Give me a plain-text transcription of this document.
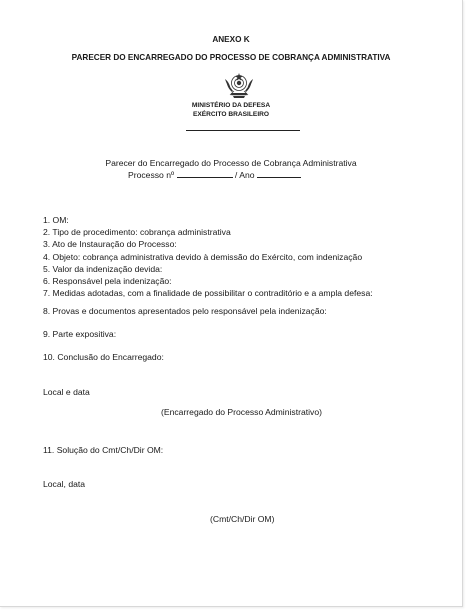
ANEXO K
PARECER DO ENCARREGADO DO PROCESSO DE COBRANÇA ADMINISTRATIVA
MINISTÉRIO DA DEFESA
EXÉRCITO BRASILEIRO
Parecer do Encarregado do Processo de Cobrança Administrativa
Processo nº	/ Ano
1. OM:
2. Tipo de procedimento: cobrança administrativa
3. Ato de Instauração do Processo:
4. Objeto: cobrança administrativa devido à demissão do Exército, com indenização
5. Valor da indenização devida:
6. Responsável pela indenização:
7. Medidas adotadas, com a finalidade de possibilitar o contraditório e a ampla defesa:
8. Provas e documentos apresentados pelo responsável pela indenização:
9. Parte expositiva:
10. Conclusão do Encarregado:
Local e data
(Encarregado do Processo Administrativo)
11. Solução do Cmt/Ch/Dir OM:
Local, data
(Cmt/Ch/Dir OM)
